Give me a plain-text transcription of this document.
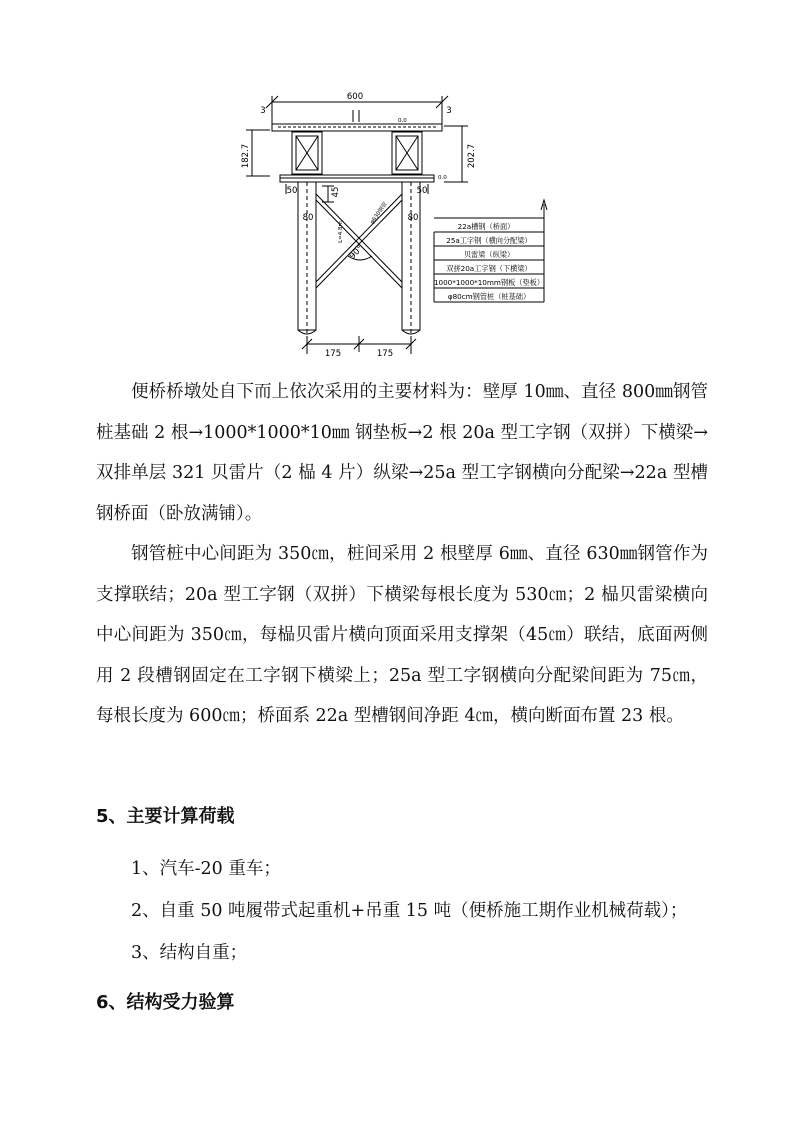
22a槽钢（桥面）
25a工字钢（横向分配梁）
贝雷梁（纵梁）
双拼20a工字钢（下横梁）
1000*1000*10mm钢板（垫板）
φ80cm钢管桩（桩基础）
600
3	3
50	50
80	80
175	175
182.7	202.7
45
90°
0.0
0.0
L=4.8m
φ630钢管

便桥桥墩处自下而上依次采用的主要材料为：壁厚 10㎜、直径 800㎜钢管桩基础 2 根→1000*1000*10㎜ 钢垫板→2 根 20a 型工字钢（双拼）下横梁→双排单层 321 贝雷片（2 榀 4 片）纵梁→25a 型工字钢横向分配梁→22a 型槽钢桥面（卧放满铺）。

钢管桩中心间距为 350㎝，桩间采用 2 根壁厚 6㎜、直径 630㎜钢管作为支撑联结；20a 型工字钢（双拼）下横梁每根长度为 530㎝；2 榀贝雷梁横向中心间距为 350㎝，每榀贝雷片横向顶面采用支撑架（45㎝）联结，底面两侧用 2 段槽钢固定在工字钢下横梁上；25a 型工字钢横向分配梁间距为 75㎝，每根长度为 600㎝；桥面系 22a 型槽钢间净距 4㎝，横向断面布置 23 根。

5、主要计算荷载

1、汽车-20 重车；

2、自重 50 吨履带式起重机+吊重 15 吨（便桥施工期作业机械荷载）；

3、结构自重；

6、结构受力验算
